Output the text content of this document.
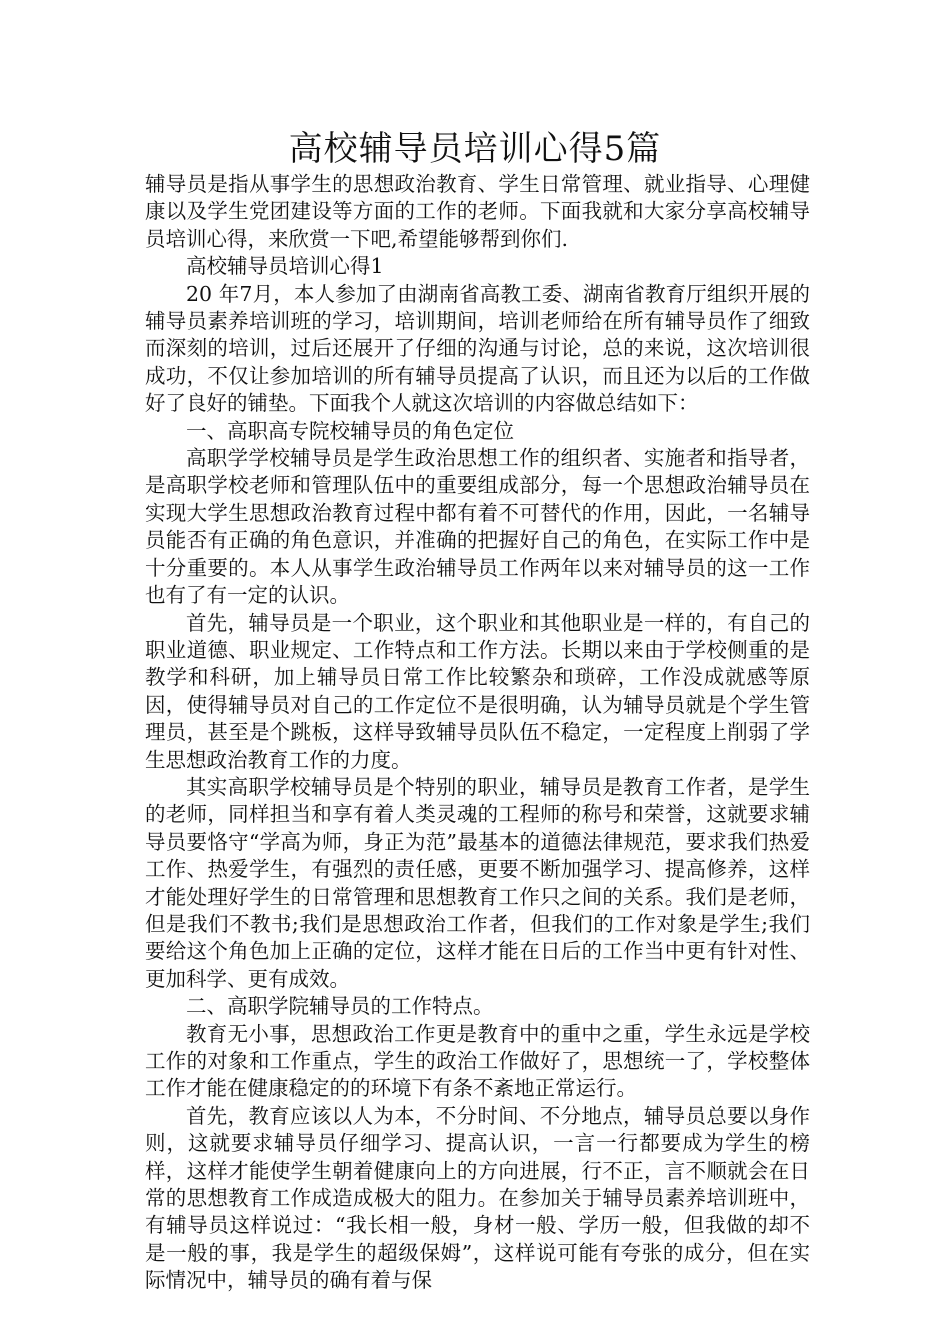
高校辅导员培训心得5篇

辅导员是指从事学生的思想政治教育、学生日常管理、就业指导、心理健康以及学生党团建设等方面的工作的老师。下面我就和大家分享高校辅导员培训心得，来欣赏一下吧,希望能够帮到你们.

高校辅导员培训心得1

20 年7月，本人参加了由湖南省高教工委、湖南省教育厅组织开展的辅导员素养培训班的学习，培训期间，培训老师给在所有辅导员作了细致而深刻的培训，过后还展开了仔细的沟通与讨论，总的来说，这次培训很成功，不仅让参加培训的所有辅导员提高了认识，而且还为以后的工作做好了良好的铺垫。下面我个人就这次培训的内容做总结如下：

一、高职高专院校辅导员的角色定位

高职学学校辅导员是学生政治思想工作的组织者、实施者和指导者，是高职学校老师和管理队伍中的重要组成部分，每一个思想政治辅导员在实现大学生思想政治教育过程中都有着不可替代的作用，因此，一名辅导员能否有正确的角色意识，并准确的把握好自己的角色，在实际工作中是十分重要的。本人从事学生政治辅导员工作两年以来对辅导员的这一工作也有了有一定的认识。

首先，辅导员是一个职业，这个职业和其他职业是一样的，有自己的职业道德、职业规定、工作特点和工作方法。长期以来由于学校侧重的是教学和科研，加上辅导员日常工作比较繁杂和琐碎，工作没成就感等原因，使得辅导员对自己的工作定位不是很明确，认为辅导员就是个学生管理员，甚至是个跳板，这样导致辅导员队伍不稳定，一定程度上削弱了学生思想政治教育工作的力度。

其实高职学校辅导员是个特别的职业，辅导员是教育工作者，是学生的老师，同样担当和享有着人类灵魂的工程师的称号和荣誉，这就要求辅导员要恪守“学高为师，身正为范”最基本的道德法律规范，要求我们热爱工作、热爱学生，有强烈的责任感，更要不断加强学习、提高修养，这样才能处理好学生的日常管理和思想教育工作只之间的关系。我们是老师，但是我们不教书;我们是思想政治工作者，但我们的工作对象是学生;我们要给这个角色加上正确的定位，这样才能在日后的工作当中更有针对性、更加科学、更有成效。

二、高职学院辅导员的工作特点。

教育无小事，思想政治工作更是教育中的重中之重，学生永远是学校工作的对象和工作重点，学生的政治工作做好了，思想统一了，学校整体工作才能在健康稳定的的环境下有条不紊地正常运行。

首先，教育应该以人为本，不分时间、不分地点，辅导员总要以身作则，这就要求辅导员仔细学习、提高认识，一言一行都要成为学生的榜样，这样才能使学生朝着健康向上的方向进展，行不正，言不顺就会在日常的思想教育工作成造成极大的阻力。在参加关于辅导员素养培训班中，有辅导员这样说过：“我长相一般，身材一般、学历一般，但我做的却不是一般的事，我是学生的超级保姆”，这样说可能有夸张的成分，但在实际情况中，辅导员的确有着与保
